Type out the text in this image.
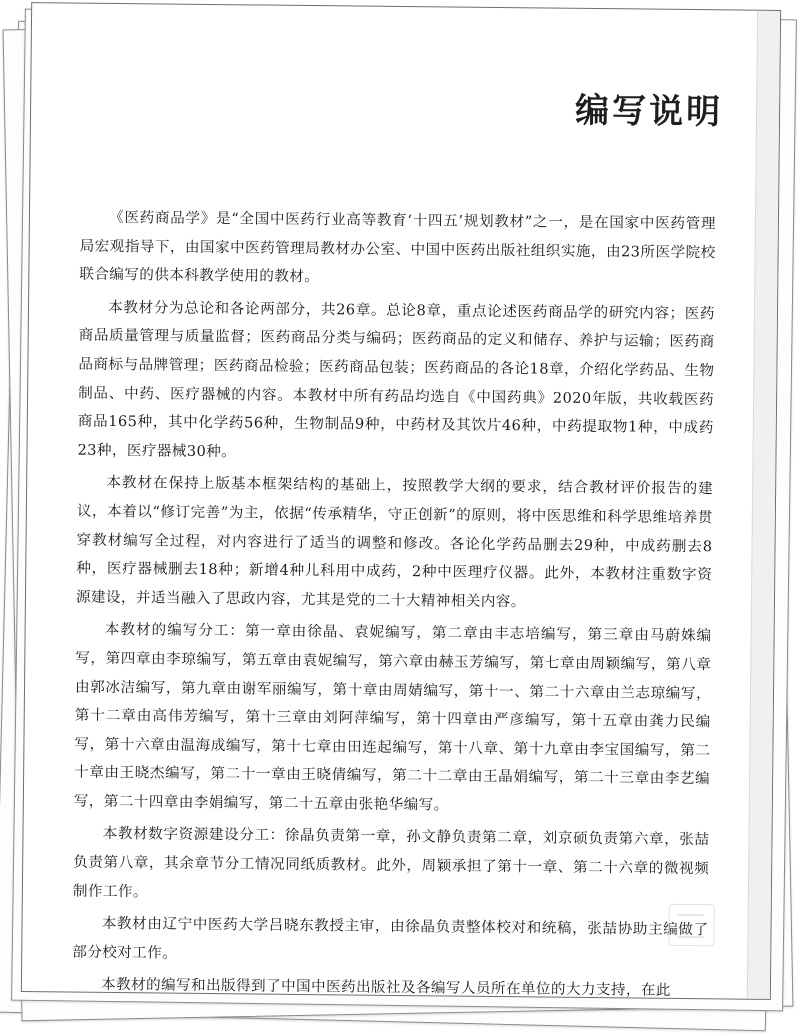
编写说明

《医药商品学》是“全国中医药行业高等教育‘十四五’规划教材”之一，是在国家中医药管理局宏观指导下，由国家中医药管理局教材办公室、中国中医药出版社组织实施，由23所医学院校联合编写的供本科教学使用的教材。

本教材分为总论和各论两部分，共26章。总论8章，重点论述医药商品学的研究内容；医药商品质量管理与质量监督；医药商品分类与编码；医药商品的定义和储存、养护与运输；医药商品商标与品牌管理；医药商品检验；医药商品包装；医药商品的各论18章，介绍化学药品、生物制品、中药、医疗器械的内容。本教材中所有药品均选自《中国药典》2020年版，共收载医药商品165种，其中化学药56种，生物制品9种，中药材及其饮片46种，中药提取物1种，中成药23种，医疗器械30种。

本教材在保持上版基本框架结构的基础上，按照教学大纲的要求，结合教材评价报告的建议，本着以“修订完善”为主，依据“传承精华，守正创新”的原则，将中医思维和科学思维培养贯穿教材编写全过程，对内容进行了适当的调整和修改。各论化学药品删去29种，中成药删去8种，医疗器械删去18种；新增4种儿科用中成药，2种中医理疗仪器。此外，本教材注重数字资源建设，并适当融入了思政内容，尤其是党的二十大精神相关内容。

本教材的编写分工：第一章由徐晶、袁妮编写，第二章由丰志培编写，第三章由马蔚姝编写，第四章由李琼编写，第五章由袁妮编写，第六章由赫玉芳编写，第七章由周颖编写，第八章由郭冰洁编写，第九章由谢军丽编写，第十章由周婧编写，第十一、第二十六章由兰志琼编写，第十二章由高伟芳编写，第十三章由刘阿萍编写，第十四章由严彦编写，第十五章由龚力民编写，第十六章由温海成编写，第十七章由田连起编写，第十八章、第十九章由李宝国编写，第二十章由王晓杰编写，第二十一章由王晓倩编写，第二十二章由王晶娟编写，第二十三章由李艺编写，第二十四章由李娟编写，第二十五章由张艳华编写。

本教材数字资源建设分工：徐晶负责第一章，孙文静负责第二章，刘京硕负责第六章，张喆负责第八章，其余章节分工情况同纸质教材。此外，周颖承担了第十一章、第二十六章的微视频制作工作。

本教材由辽宁中医药大学吕晓东教授主审，由徐晶负责整体校对和统稿，张喆协助主编做了部分校对工作。

本教材的编写和出版得到了中国中医药出版社及各编写人员所在单位的大力支持，在此
